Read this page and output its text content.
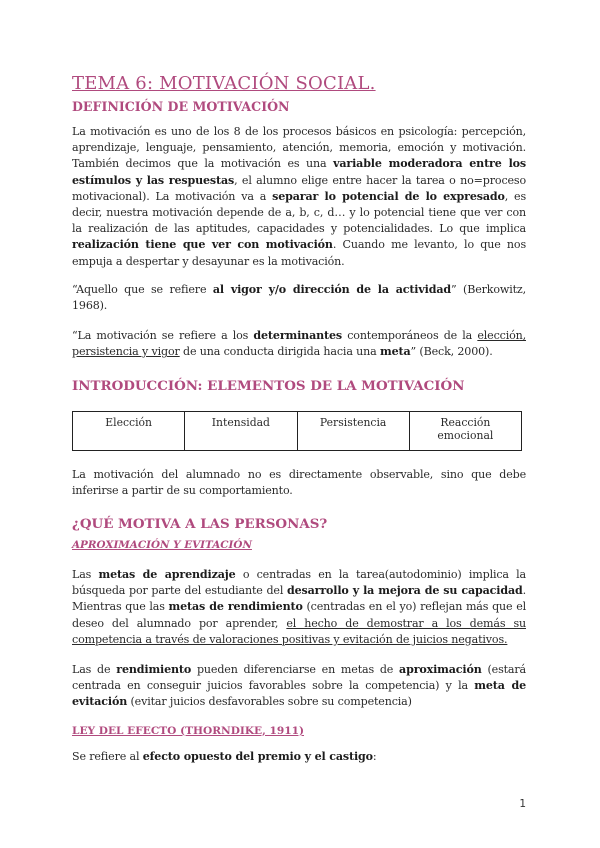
TEMA 6: MOTIVACIÓN SOCIAL.
DEFINICIÓN DE MOTIVACIÓN

La motivación es uno de los 8 de los procesos básicos en psicología: percepción, aprendizaje, lenguaje, pensamiento, atención, memoria, emoción y motivación. También decimos que la motivación es una variable moderadora entre los estímulos y las respuestas, el alumno elige entre hacer la tarea o no=proceso motivacional). La motivación va a separar lo potencial de lo expresado, es decir, nuestra motivación depende de a, b, c, d… y lo potencial tiene que ver con la realización de las aptitudes, capacidades y potencialidades. Lo que implica realización tiene que ver con motivación. Cuando me levanto, lo que nos empuja a despertar y desayunar es la motivación.

“Aquello que se refiere al vigor y/o dirección de la actividad” (Berkowitz, 1968).

“La motivación se refiere a los determinantes contemporáneos de la elección, persistencia y vigor de una conducta dirigida hacia una meta” (Beck, 2000).

INTRODUCCIÓN: ELEMENTOS DE LA MOTIVACIÓN
Elección	Intensidad	Persistencia	Reacción emocional

La motivación del alumnado no es directamente observable, sino que debe inferirse a partir de su comportamiento.

¿QUÉ MOTIVA A LAS PERSONAS?
APROXIMACIÓN Y EVITACIÓN

Las metas de aprendizaje o centradas en la tarea(autodominio) implica la búsqueda por parte del estudiante del desarrollo y la mejora de su capacidad. Mientras que las metas de rendimiento (centradas en el yo) reflejan más que el deseo del alumnado por aprender, el hecho de demostrar a los demás su competencia a través de valoraciones positivas y evitación de juicios negativos.

Las de rendimiento pueden diferenciarse en metas de aproximación (estará centrada en conseguir juicios favorables sobre la competencia) y la meta de evitación (evitar juicios desfavorables sobre su competencia)

LEY DEL EFECTO (THORNDIKE, 1911)

Se refiere al efecto opuesto del premio y el castigo:

1
